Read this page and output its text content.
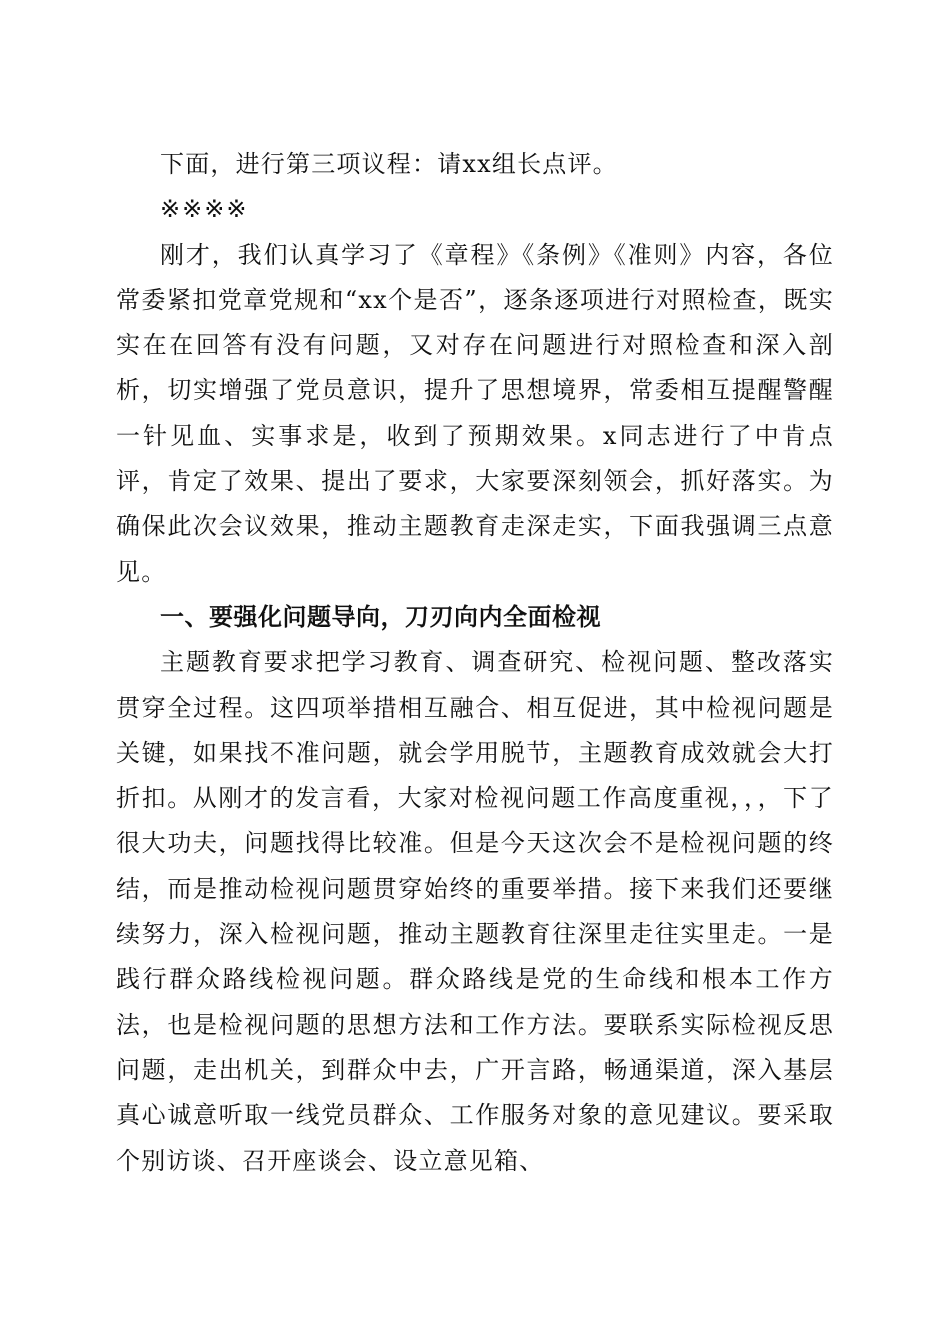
下面，进行第三项议程：请xx组长点评。

※※※※

刚才，我们认真学习了《章程》《条例》《准则》内容，各位常委紧扣党章党规和“xx个是否”，逐条逐项进行对照检查，既实实在在回答有没有问题，又对存在问题进行对照检查和深入剖析，切实增强了党员意识，提升了思想境界，常委相互提醒警醒一针见血、实事求是，收到了预期效果。x同志进行了中肯点评，肯定了效果、提出了要求，大家要深刻领会，抓好落实。为确保此次会议效果，推动主题教育走深走实，下面我强调三点意见。

一、要强化问题导向，刀刃向内全面检视

主题教育要求把学习教育、调查研究、检视问题、整改落实贯穿全过程。这四项举措相互融合、相互促进，其中检视问题是关键，如果找不准问题，就会学用脱节，主题教育成效就会大打折扣。从刚才的发言看，大家对检视问题工作高度重视，，，下了很大功夫，问题找得比较准。但是今天这次会不是检视问题的终结，而是推动检视问题贯穿始终的重要举措。接下来我们还要继续努力，深入检视问题，推动主题教育往深里走往实里走。一是践行群众路线检视问题。群众路线是党的生命线和根本工作方法，也是检视问题的思想方法和工作方法。要联系实际检视反思问题，走出机关，到群众中去，广开言路，畅通渠道，深入基层真心诚意听取一线党员群众、工作服务对象的意见建议。要采取个别访谈、召开座谈会、设立意见箱、
